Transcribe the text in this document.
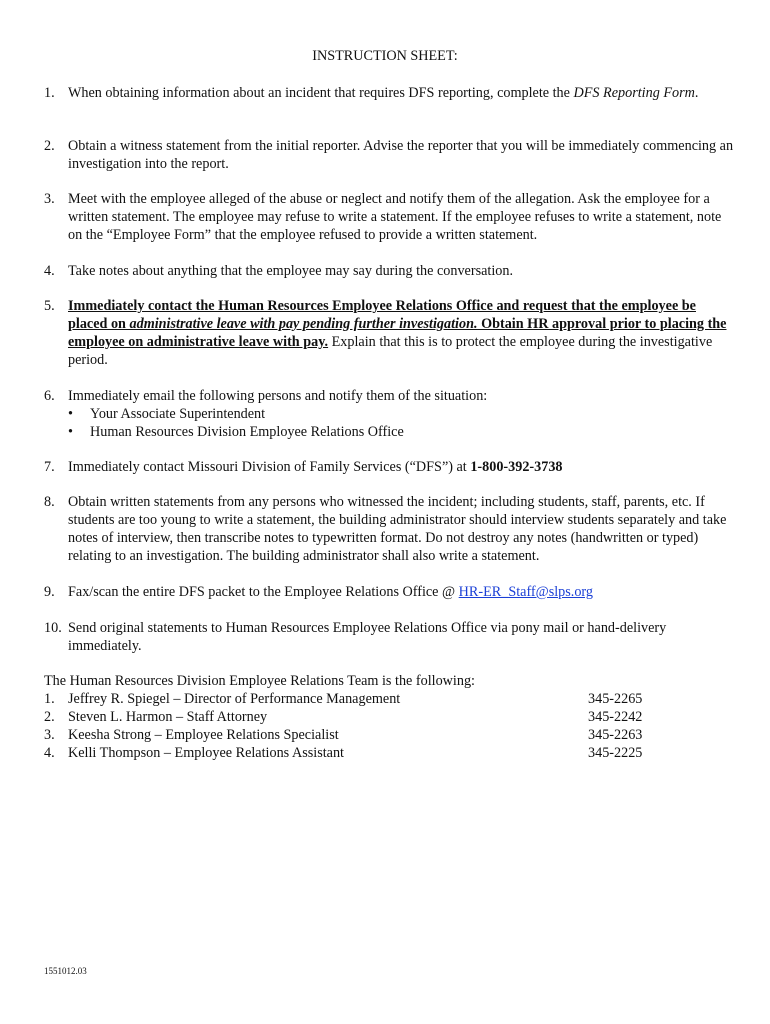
INSTRUCTION SHEET:
1. When obtaining information about an incident that requires DFS reporting, complete the DFS Reporting Form.
2. Obtain a witness statement from the initial reporter. Advise the reporter that you will be immediately commencing an investigation into the report.
3. Meet with the employee alleged of the abuse or neglect and notify them of the allegation. Ask the employee for a written statement. The employee may refuse to write a statement. If the employee refuses to write a statement, note on the “Employee Form” that the employee refused to provide a written statement.
4. Take notes about anything that the employee may say during the conversation.
5. Immediately contact the Human Resources Employee Relations Office and request that the employee be placed on administrative leave with pay pending further investigation. Obtain HR approval prior to placing the employee on administrative leave with pay. Explain that this is to protect the employee during the investigative period.
6. Immediately email the following persons and notify them of the situation:
• Your Associate Superintendent
• Human Resources Division Employee Relations Office
7. Immediately contact Missouri Division of Family Services (“DFS”) at 1-800-392-3738
8. Obtain written statements from any persons who witnessed the incident; including students, staff, parents, etc. If students are too young to write a statement, the building administrator should interview students separately and take notes of interview, then transcribe notes to typewritten format. Do not destroy any notes (handwritten or typed) relating to an investigation. The building administrator shall also write a statement.
9. Fax/scan the entire DFS packet to the Employee Relations Office @ HR-ER_Staff@slps.org
10. Send original statements to Human Resources Employee Relations Office via pony mail or hand-delivery immediately.
The Human Resources Division Employee Relations Team is the following:
1. Jeffrey R. Spiegel – Director of Performance Management	345-2265
2. Steven L. Harmon – Staff Attorney	345-2242
3. Keesha Strong – Employee Relations Specialist	345-2263
4. Kelli Thompson – Employee Relations Assistant	345-2225
1551012.03
